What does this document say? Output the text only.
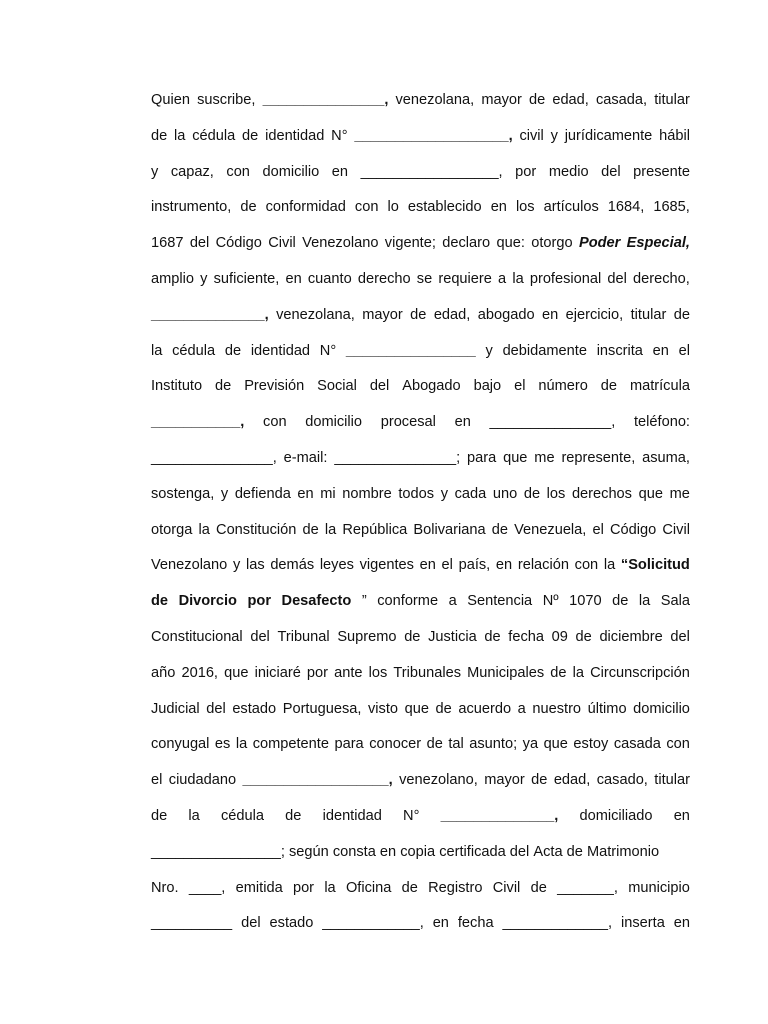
Quien suscribe, _______________, venezolana, mayor de edad, casada, titular
de la cédula de identidad N° ___________________, civil y jurídicamente hábil
y capaz, con domicilio en _________________, por medio del presente
instrumento, de conformidad con lo establecido en los artículos 1684, 1685,
1687 del Código Civil Venezolano vigente; declaro que: otorgo Poder Especial,
amplio y suficiente, en cuanto derecho se requiere a la profesional del derecho,
______________, venezolana, mayor de edad, abogado en ejercicio, titular de
la cédula de identidad N° ________________ y debidamente inscrita en el
Instituto de Previsión Social del Abogado bajo el número de matrícula
___________, con domicilio procesal en _______________, teléfono:
_______________, e-mail: _______________; para que me represente, asuma,
sostenga, y defienda en mi nombre todos y cada uno de los derechos que me
otorga la Constitución de la República Bolivariana de Venezuela, el Código Civil
Venezolano y las demás leyes vigentes en el país, en relación con la “Solicitud
de Divorcio por Desafecto ” conforme a Sentencia Nº 1070 de la Sala
Constitucional del Tribunal Supremo de Justicia de fecha 09 de diciembre del
año 2016, que iniciaré por ante los Tribunales Municipales de la Circunscripción
Judicial del estado Portuguesa, visto que de acuerdo a nuestro último domicilio
conyugal es la competente para conocer de tal asunto; ya que estoy casada con
el ciudadano __________________, venezolano, mayor de edad, casado, titular
de la cédula de identidad N° ______________, domiciliado en
________________; según consta en copia certificada del Acta de Matrimonio
Nro. ____, emitida por la Oficina de Registro Civil de _______, municipio
__________ del estado ____________, en fecha _____________, inserta en
